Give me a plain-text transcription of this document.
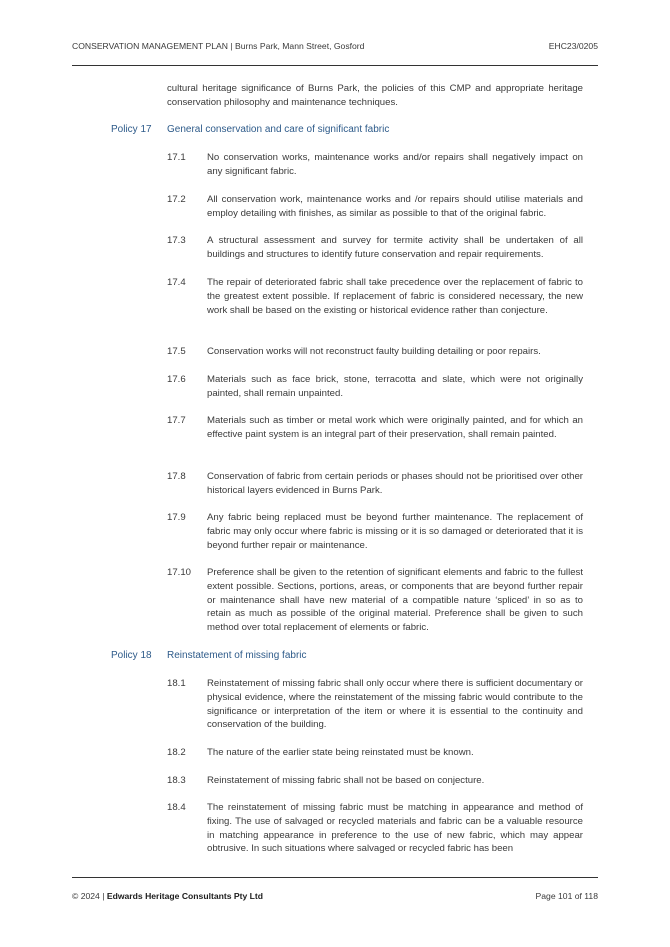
CONSERVATION MANAGEMENT PLAN | Burns Park, Mann Street, Gosford	EHC23/0205
cultural heritage significance of Burns Park, the policies of this CMP and appropriate heritage conservation philosophy and maintenance techniques.
Policy 17 General conservation and care of significant fabric
17.1 No conservation works, maintenance works and/or repairs shall negatively impact on any significant fabric.
17.2 All conservation work, maintenance works and /or repairs should utilise materials and employ detailing with finishes, as similar as possible to that of the original fabric.
17.3 A structural assessment and survey for termite activity shall be undertaken of all buildings and structures to identify future conservation and repair requirements.
17.4 The repair of deteriorated fabric shall take precedence over the replacement of fabric to the greatest extent possible. If replacement of fabric is considered necessary, the new work shall be based on the existing or historical evidence rather than conjecture.
17.5 Conservation works will not reconstruct faulty building detailing or poor repairs.
17.6 Materials such as face brick, stone, terracotta and slate, which were not originally painted, shall remain unpainted.
17.7 Materials such as timber or metal work which were originally painted, and for which an effective paint system is an integral part of their preservation, shall remain painted.
17.8 Conservation of fabric from certain periods or phases should not be prioritised over other historical layers evidenced in Burns Park.
17.9 Any fabric being replaced must be beyond further maintenance. The replacement of fabric may only occur where fabric is missing or it is so damaged or deteriorated that it is beyond further repair or maintenance.
17.10 Preference shall be given to the retention of significant elements and fabric to the fullest extent possible. Sections, portions, areas, or components that are beyond further repair or maintenance shall have new material of a compatible nature ‘spliced’ in so as to retain as much as possible of the original material. Preference shall be given to such method over total replacement of elements or fabric.
Policy 18 Reinstatement of missing fabric
18.1 Reinstatement of missing fabric shall only occur where there is sufficient documentary or physical evidence, where the reinstatement of the missing fabric would contribute to the significance or interpretation of the item or where it is essential to the continuity and conservation of the building.
18.2 The nature of the earlier state being reinstated must be known.
18.3 Reinstatement of missing fabric shall not be based on conjecture.
18.4 The reinstatement of missing fabric must be matching in appearance and method of fixing. The use of salvaged or recycled materials and fabric can be a valuable resource in matching appearance in preference to the use of new fabric, which may appear obtrusive. In such situations where salvaged or recycled fabric has been
© 2024 | Edwards Heritage Consultants Pty Ltd	Page 101 of 118
